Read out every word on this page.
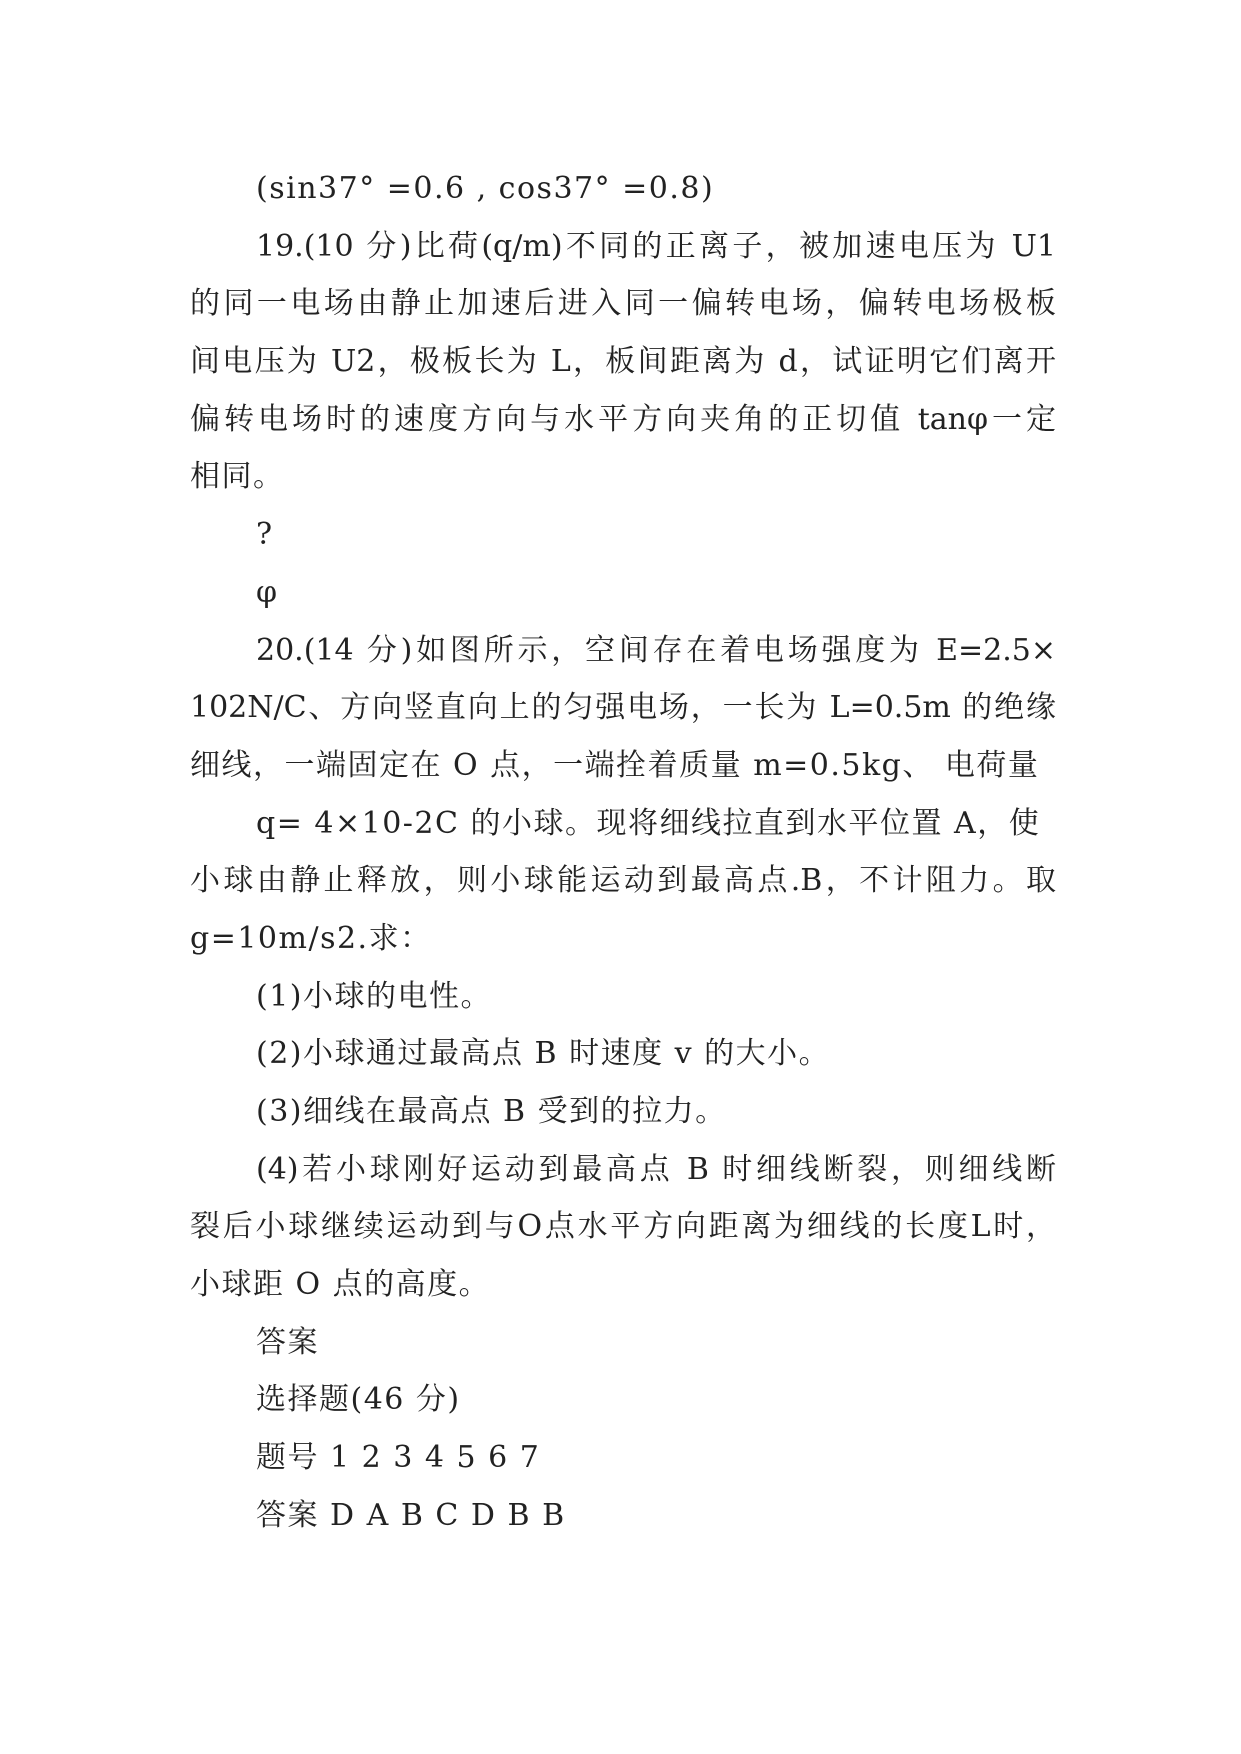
(sin37° =0.6 , cos37° =0.8)
19.(10 分)比荷(q/m)不同的正离子，被加速电压为 U1
的同一电场由静止加速后进入同一偏转电场，偏转电场极板
间电压为 U2，极板长为 L，板间距离为 d，试证明它们离开
偏转电场时的速度方向与水平方向夹角的正切值 tanφ一定
相同。
?
φ
20.(14 分)如图所示，空间存在着电场强度为 E=2.5×
102N/C、方向竖直向上的匀强电场，一长为 L=0.5m 的绝缘
细线，一端固定在 O 点，一端拴着质量 m=0.5kg、 电荷量
q= 4×10-2C 的小球。现将细线拉直到水平位置 A，使
小球由静止释放，则小球能运动到最高点.B，不计阻力。取
g=10m/s2.求：
(1)小球的电性。
(2)小球通过最高点 B 时速度 v 的大小。
(3)细线在最高点 B 受到的拉力。
(4)若小球刚好运动到最高点 B 时细线断裂，则细线断
裂后小球继续运动到与O点水平方向距离为细线的长度L时，
小球距 O 点的高度。
答案
选择题(46 分)
题号 1 2 3 4 5 6 7
答案 D A B C D B B
